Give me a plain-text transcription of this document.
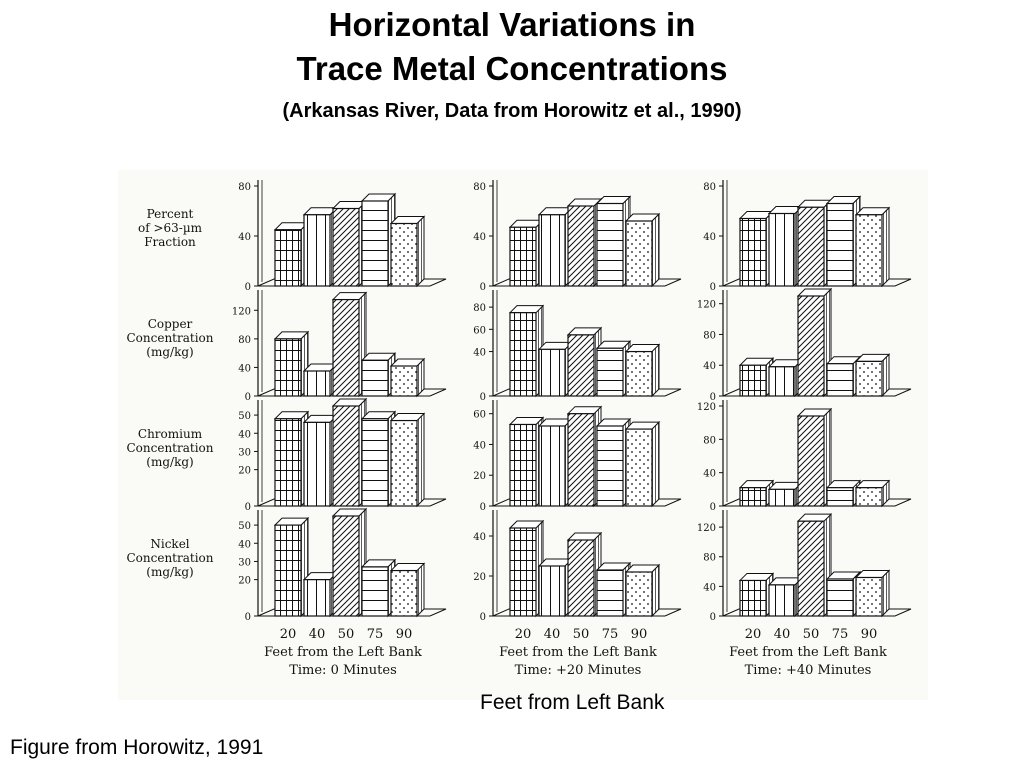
Horizontal Variations in
Trace Metal Concentrations
(Arkansas River, Data from Horowitz et al., 1990)
Percent
of >63-µm
Fraction
Copper
Concentration
(mg/kg)
Chromium
Concentration
(mg/kg)
Nickel
Concentration
(mg/kg)
0
40
80
0
40
80
120
0
20
30
40
50
0
20
30
40
50
20 40 50 75 90
Feet from the Left Bank
Time: 0 Minutes
0
40
80
0
40
60
80
0
20
40
60
0
20
40
20 40 50 75 90
Feet from the Left Bank
Time: +20 Minutes
0
40
80
0
40
80
120
0
40
80
120
0
40
80
120
20 40 50 75 90
Feet from the Left Bank
Time: +40 Minutes
Feet from Left Bank
Figure from Horowitz, 1991
